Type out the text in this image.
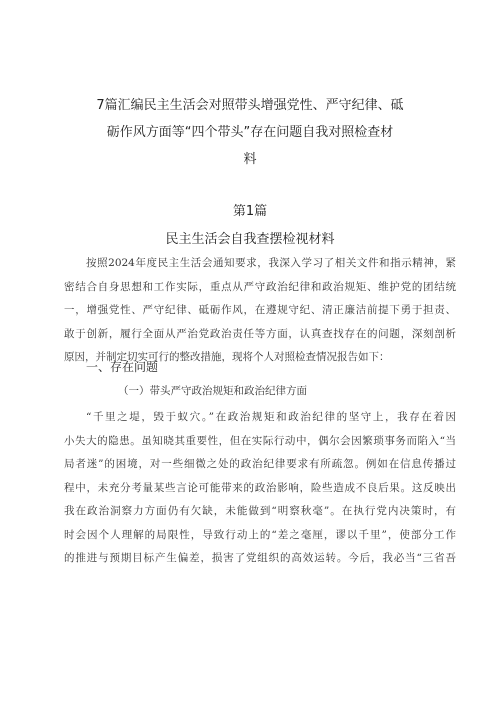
7篇汇编民主生活会对照带头增强党性、严守纪律、砥
砺作风方面等“四个带头”存在问题自我对照检查材
料
第1篇
民主生活会自我查摆检视材料
按照2024年度民主生活会通知要求，我深入学习了相关文件和指示精神，紧
密结合自身思想和工作实际，重点从严守政治纪律和政治规矩、维护党的团结统
一，增强党性、严守纪律、砥砺作风，在遵规守纪、清正廉洁前提下勇于担责、
敢于创新，履行全面从严治党政治责任等方面，认真查找存在的问题，深刻剖析
原因，并制定切实可行的整改措施，现将个人对照检查情况报告如下：
一、存在问题
（一）带头严守政治规矩和政治纪律方面
“千里之堤，毁于蚁穴。”在政治规矩和政治纪律的坚守上，我存在着因
小失大的隐患。虽知晓其重要性，但在实际行动中，偶尔会因繁琐事务而陷入“当
局者迷”的困境，对一些细微之处的政治纪律要求有所疏忽。例如在信息传播过
程中，未充分考量某些言论可能带来的政治影响，险些造成不良后果。这反映出
我在政治洞察力方面仍有欠缺，未能做到“明察秋毫”。在执行党内决策时，有
时会因个人理解的局限性，导致行动上的“差之毫厘，谬以千里”，使部分工作
的推进与预期目标产生偏差，损害了党组织的高效运转。今后，我必当“三省吾
